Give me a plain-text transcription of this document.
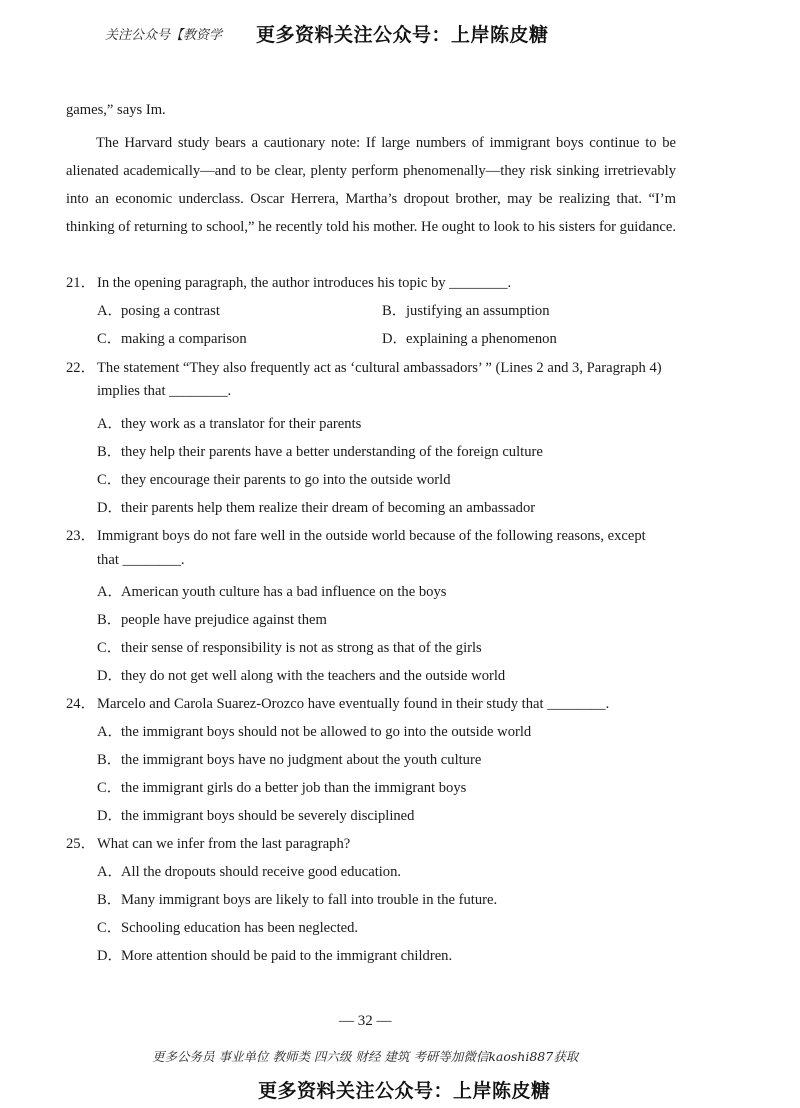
关注公众号【教资学 更多资料关注公众号：上岸陈皮糖
games,” says Im.
The Harvard study bears a cautionary note: If large numbers of immigrant boys continue to be alienated academically—and to be clear, plenty perform phenomenally—they risk sinking irretrievably into an economic underclass. Oscar Herrera, Martha’s dropout brother, may be realizing that. “I’m thinking of returning to school,” he recently told his mother. He ought to look to his sisters for guidance.
21． In the opening paragraph, the author introduces his topic by ________.
A．posing a contrast	B．justifying an assumption
C．making a comparison	D．explaining a phenomenon
22． The statement “They also frequently act as ‘cultural ambassadors’ ” (Lines 2 and 3, Paragraph 4)
implies that ________.
A．they work as a translator for their parents
B．they help their parents have a better understanding of the foreign culture
C．they encourage their parents to go into the outside world
D．their parents help them realize their dream of becoming an ambassador
23． Immigrant boys do not fare well in the outside world because of the following reasons, except
that ________.
A．American youth culture has a bad influence on the boys
B．people have prejudice against them
C．their sense of responsibility is not as strong as that of the girls
D．they do not get well along with the teachers and the outside world
24． Marcelo and Carola Suarez-Orozco have eventually found in their study that ________.
A．the immigrant boys should not be allowed to go into the outside world
B．the immigrant boys have no judgment about the youth culture
C．the immigrant girls do a better job than the immigrant boys
D．the immigrant boys should be severely disciplined
25． What can we infer from the last paragraph?
A．All the dropouts should receive good education.
B．Many immigrant boys are likely to fall into trouble in the future.
C．Schooling education has been neglected.
D．More attention should be paid to the immigrant children.
— 32 —
更多公务员 事业单位 教师类 四六级 财经 建筑 考研等加微信kaoshi887获取
更多资料关注公众号：上岸陈皮糖
